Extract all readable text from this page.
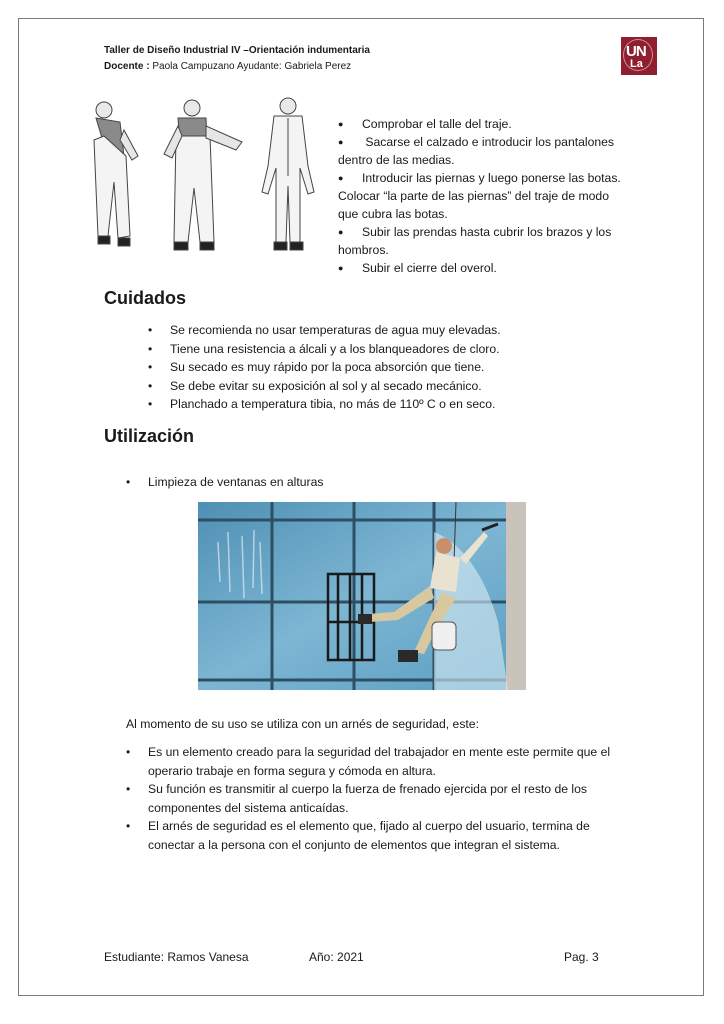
Taller de Diseño Industrial IV –Orientación indumentaria
Docente : Paola Campuzano Ayudante: Gabriela Perez
UN
La
● Comprobar el talle del traje.
● Sacarse el calzado e introducir los pantalones dentro de las medias.
● Introducir las piernas y luego ponerse las botas. Colocar “la parte de las piernas” del traje de modo que cubra las botas.
● Subir las prendas hasta cubrir los brazos y los hombros.
● Subir el cierre del overol.
Cuidados
• Se recomienda no usar temperaturas de agua muy elevadas.
• Tiene una resistencia a álcali y a los blanqueadores de cloro.
• Su secado es muy rápido por la poca absorción que tiene.
• Se debe evitar su exposición al sol y al secado mecánico.
• Planchado a temperatura tibia, no más de 110º C o en seco.
Utilización
• Limpieza de ventanas en alturas
Al momento de su uso se utiliza con un arnés de seguridad, este:
• Es un elemento creado para la seguridad del trabajador en mente este permite que el operario trabaje en forma segura y cómoda en altura.
• Su función es transmitir al cuerpo la fuerza de frenado ejercida por el resto de los componentes del sistema anticaídas.
• El arnés de seguridad es el elemento que, fijado al cuerpo del usuario, termina de conectar a la persona con el conjunto de elementos que integran el sistema.
Estudiante: Ramos Vanesa	Año: 2021	Pag. 3
